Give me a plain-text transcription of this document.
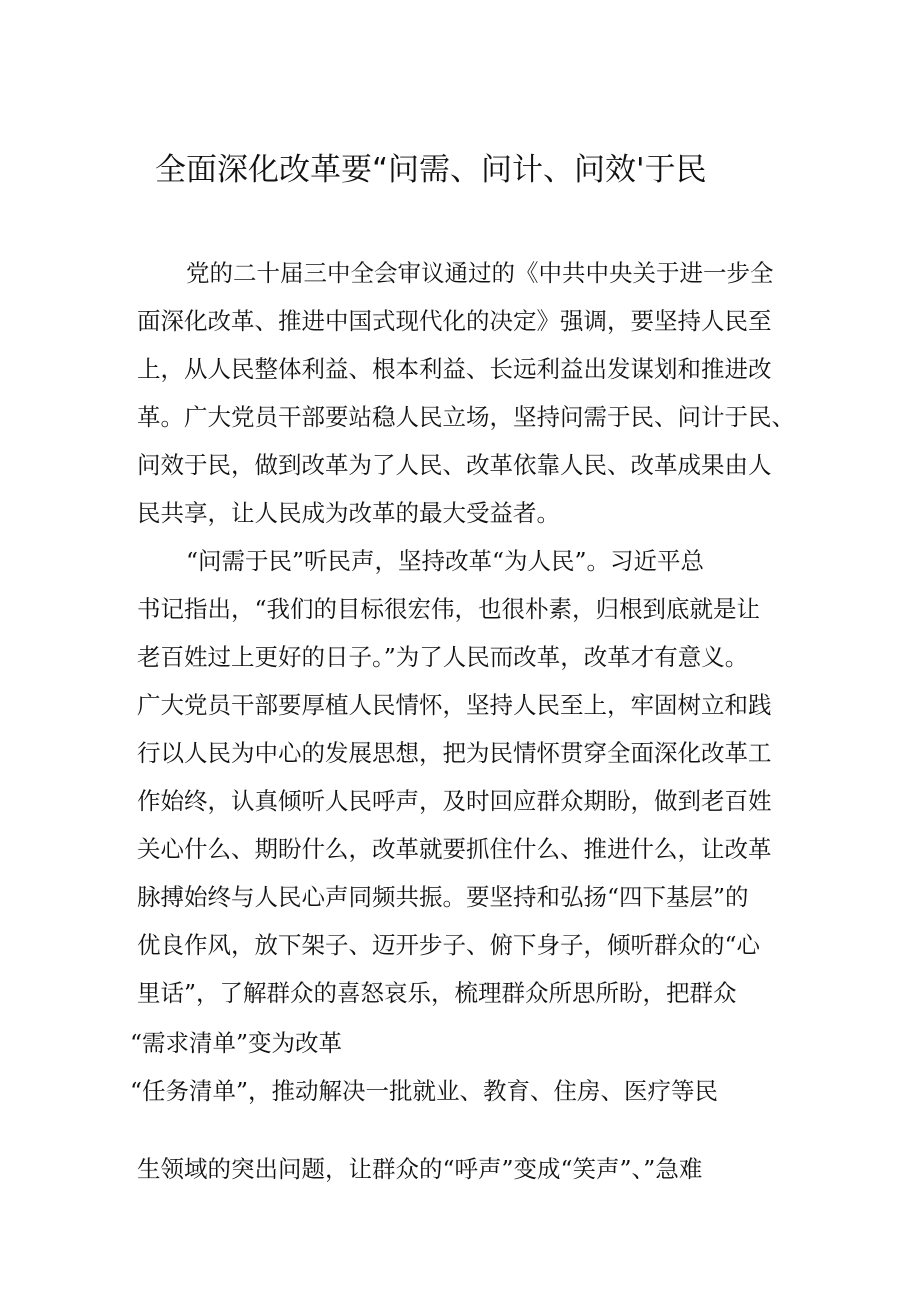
全面深化改革要“问需、问计、问效'于民
党的二十届三中全会审议通过的《中共中央关于进一步全
面深化改革、推进中国式现代化的决定》强调，要坚持人民至
上，从人民整体利益、根本利益、长远利益出发谋划和推进改
革。广大党员干部要站稳人民立场，坚持问需于民、问计于民、
问效于民，做到改革为了人民、改革依靠人民、改革成果由人
民共享，让人民成为改革的最大受益者。
“问需于民”听民声，坚持改革“为人民”。习近平总
书记指出，“我们的目标很宏伟，也很朴素，归根到底就是让
老百姓过上更好的日子。”为了人民而改革，改革才有意义。
广大党员干部要厚植人民情怀，坚持人民至上，牢固树立和践
行以人民为中心的发展思想，把为民情怀贯穿全面深化改革工
作始终，认真倾听人民呼声，及时回应群众期盼，做到老百姓
关心什么、期盼什么，改革就要抓住什么、推进什么，让改革
脉搏始终与人民心声同频共振。要坚持和弘扬“四下基层”的
优良作风，放下架子、迈开步子、俯下身子，倾听群众的“心
里话”，了解群众的喜怒哀乐，梳理群众所思所盼，把群众
“需求清单”变为改革
“任务清单”，推动解决一批就业、教育、住房、医疗等民
生领域的突出问题，让群众的“呼声”变成“笑声”、”急难
